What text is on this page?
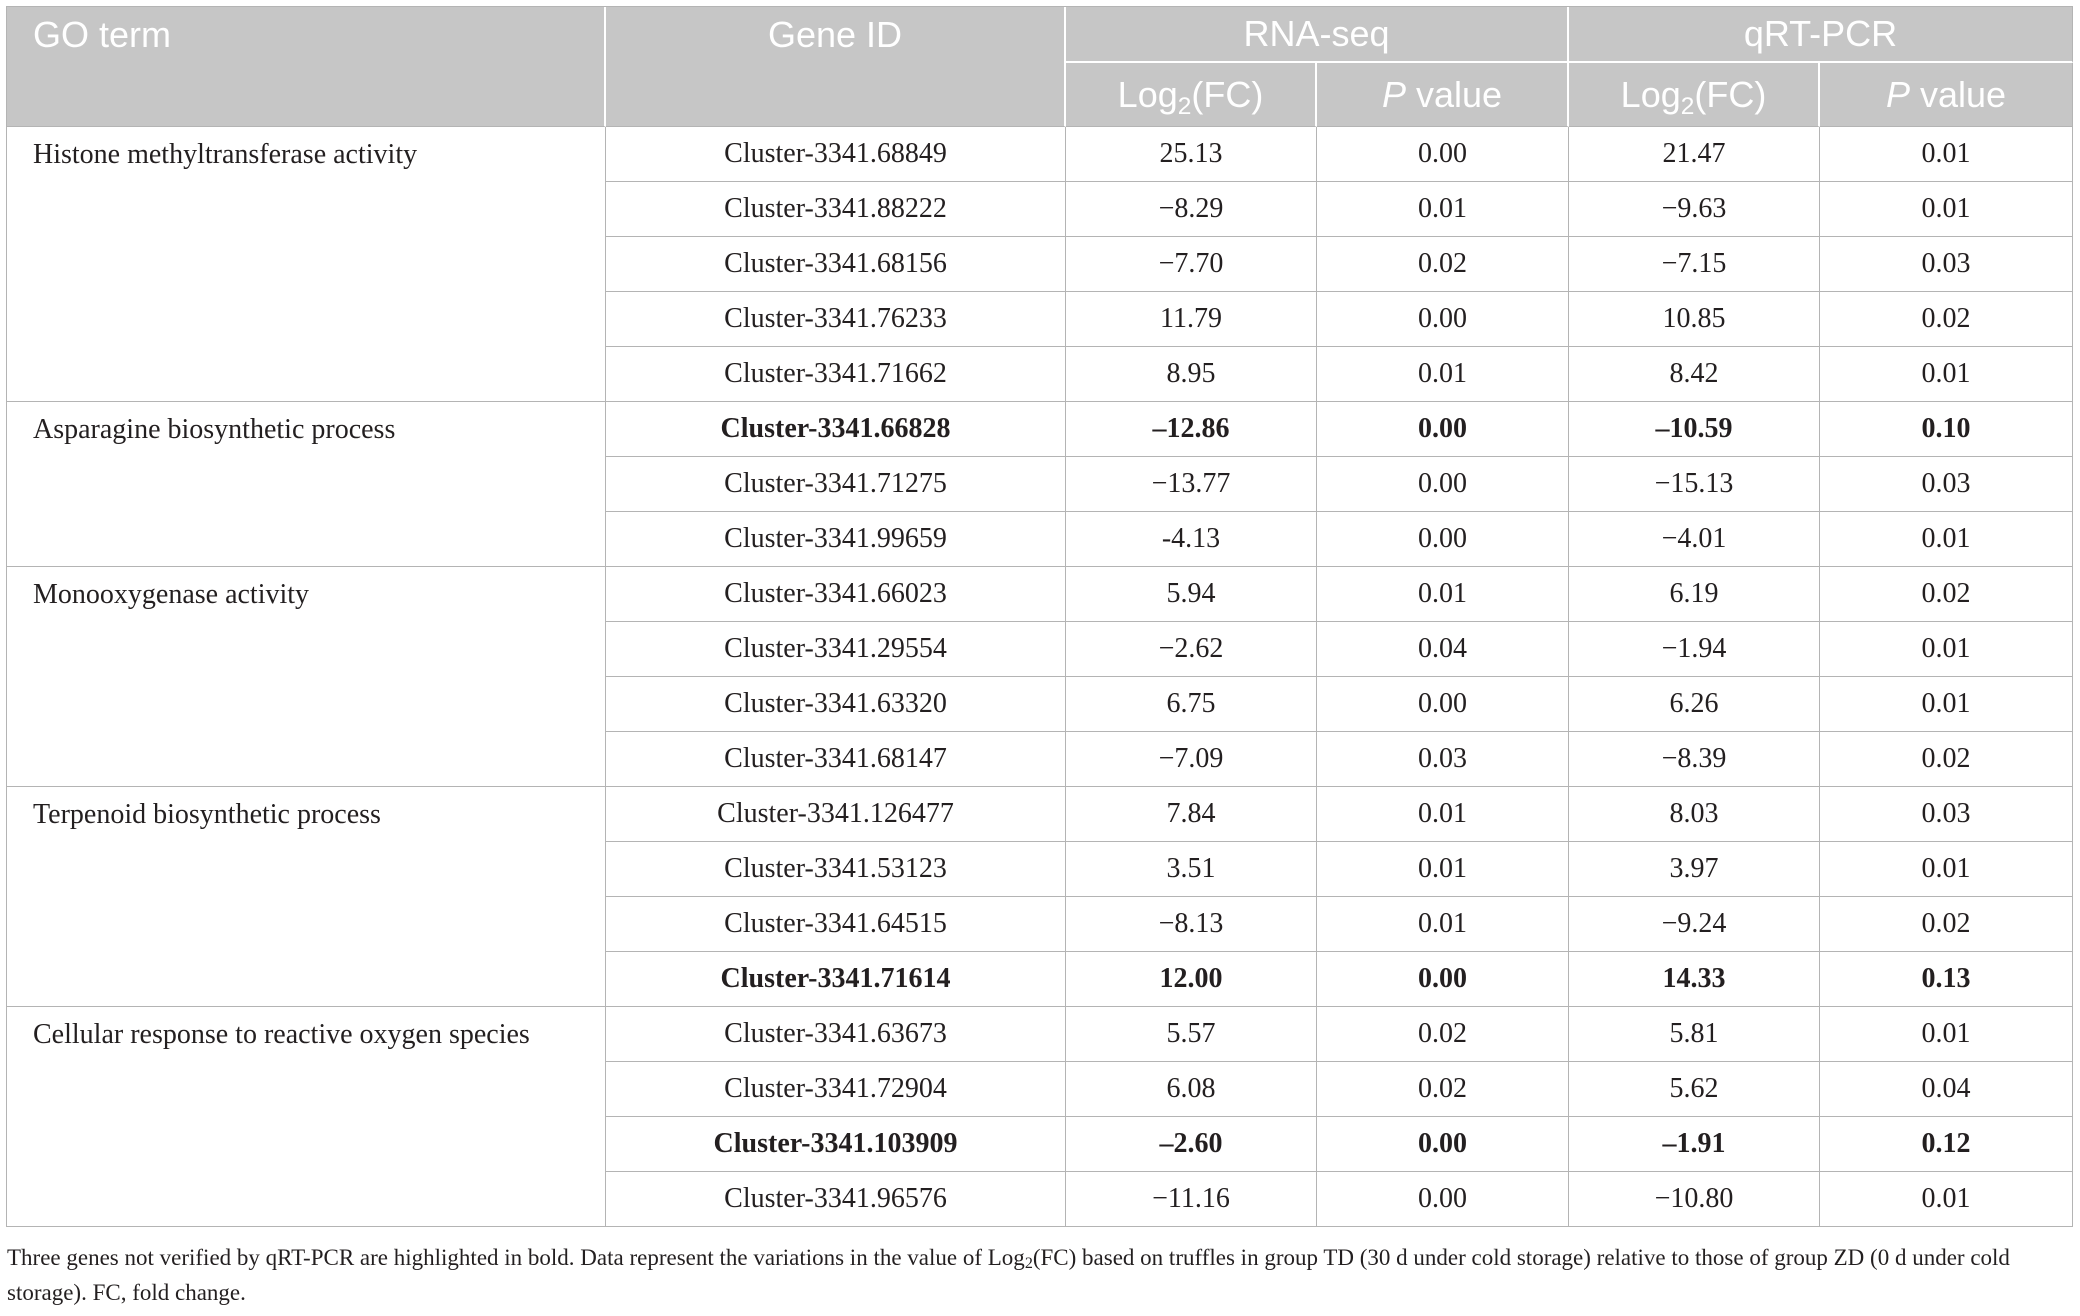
GO term	Gene ID	RNA-seq	qRT-PCR
Log$_2$(FC)	P value	Log$_2$(FC)	P value
Histone methyltransferase activity	Cluster-3341.68849	25.13	0.00	21.47	0.01
Cluster-3341.88222	−8.29	0.01	−9.63	0.01
Cluster-3341.68156	−7.70	0.02	−7.15	0.03
Cluster-3341.76233	11.79	0.00	10.85	0.02
Cluster-3341.71662	8.95	0.01	8.42	0.01
Asparagine biosynthetic process	Cluster-3341.66828	–12.86	0.00	–10.59	0.10
Cluster-3341.71275	−13.77	0.00	−15.13	0.03
Cluster-3341.99659	-4.13	0.00	−4.01	0.01
Monooxygenase activity	Cluster-3341.66023	5.94	0.01	6.19	0.02
Cluster-3341.29554	−2.62	0.04	−1.94	0.01
Cluster-3341.63320	6.75	0.00	6.26	0.01
Cluster-3341.68147	−7.09	0.03	−8.39	0.02
Terpenoid biosynthetic process	Cluster-3341.126477	7.84	0.01	8.03	0.03
Cluster-3341.53123	3.51	0.01	3.97	0.01
Cluster-3341.64515	−8.13	0.01	−9.24	0.02
Cluster-3341.71614	12.00	0.00	14.33	0.13
Cellular response to reactive oxygen species	Cluster-3341.63673	5.57	0.02	5.81	0.01
Cluster-3341.72904	6.08	0.02	5.62	0.04
Cluster-3341.103909	–2.60	0.00	–1.91	0.12
Cluster-3341.96576	−11.16	0.00	−10.80	0.01

Three genes not verified by qRT-PCR are highlighted in bold. Data represent the variations in the value of Log$_2$(FC) based on truffles in group TD (30 d under cold storage) relative to those of group ZD (0 d under cold storage). FC, fold change.
